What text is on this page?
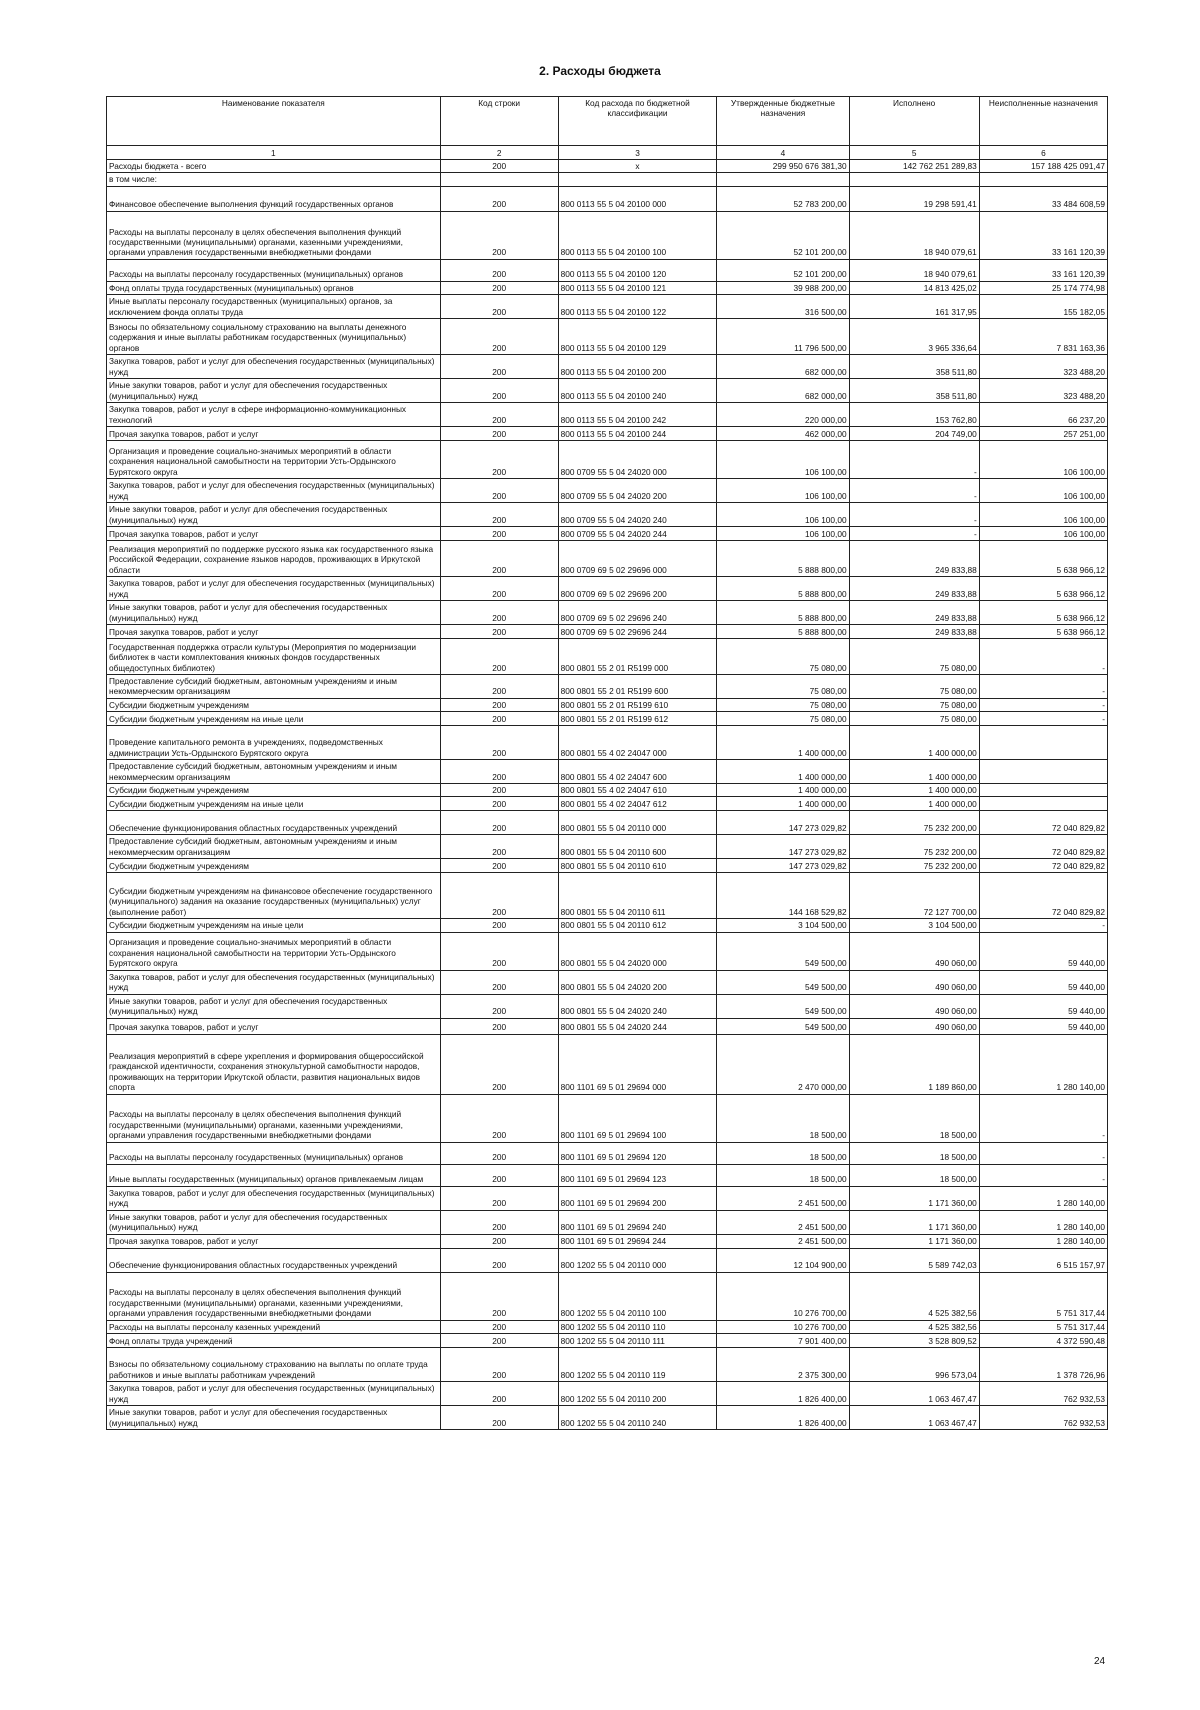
2. Расходы бюджета
Наименование показателя	Код строки	Код расхода по бюджетной классификации	Утвержденные бюджетные назначения	Исполнено	Неисполненные назначения
1	2	3	4	5	6
Расходы бюджета - всего	200	x	299 950 676 381,30	142 762 251 289,83	157 188 425 091,47
в том числе:					
Финансовое обеспечение выполнения функций государственных органов	200	800 0113 55 5 04 20100 000	52 783 200,00	19 298 591,41	33 484 608,59
Расходы на выплаты персоналу в целях обеспечения выполнения функций государственными (муниципальными) органами, казенными учреждениями, органами управления государственными внебюджетными фондами	200	800 0113 55 5 04 20100 100	52 101 200,00	18 940 079,61	33 161 120,39
Расходы на выплаты персоналу государственных (муниципальных) органов	200	800 0113 55 5 04 20100 120	52 101 200,00	18 940 079,61	33 161 120,39
Фонд оплаты труда государственных (муниципальных) органов	200	800 0113 55 5 04 20100 121	39 988 200,00	14 813 425,02	25 174 774,98
Иные выплаты персоналу государственных (муниципальных) органов, за исключением фонда оплаты труда	200	800 0113 55 5 04 20100 122	316 500,00	161 317,95	155 182,05
Взносы по обязательному социальному страхованию на выплаты денежного содержания и иные выплаты работникам государственных (муниципальных) органов	200	800 0113 55 5 04 20100 129	11 796 500,00	3 965 336,64	7 831 163,36
Закупка товаров, работ и услуг для обеспечения государственных (муниципальных) нужд	200	800 0113 55 5 04 20100 200	682 000,00	358 511,80	323 488,20
Иные закупки товаров, работ и услуг для обеспечения государственных (муниципальных) нужд	200	800 0113 55 5 04 20100 240	682 000,00	358 511,80	323 488,20
Закупка товаров, работ и услуг в сфере информационно-коммуникационных технологий	200	800 0113 55 5 04 20100 242	220 000,00	153 762,80	66 237,20
Прочая закупка товаров, работ и услуг	200	800 0113 55 5 04 20100 244	462 000,00	204 749,00	257 251,00
Организация и проведение социально-значимых мероприятий в области сохранения национальной самобытности на территории Усть-Ордынского Бурятского округа	200	800 0709 55 5 04 24020 000	106 100,00	-	106 100,00
Закупка товаров, работ и услуг для обеспечения государственных (муниципальных) нужд	200	800 0709 55 5 04 24020 200	106 100,00	-	106 100,00
Иные закупки товаров, работ и услуг для обеспечения государственных (муниципальных) нужд	200	800 0709 55 5 04 24020 240	106 100,00	-	106 100,00
Прочая закупка товаров, работ и услуг	200	800 0709 55 5 04 24020 244	106 100,00	-	106 100,00
Реализация мероприятий по поддержке русского языка как государственного языка Российской Федерации, сохранение языков народов, проживающих в Иркутской области	200	800 0709 69 5 02 29696 000	5 888 800,00	249 833,88	5 638 966,12
Закупка товаров, работ и услуг для обеспечения государственных (муниципальных) нужд	200	800 0709 69 5 02 29696 200	5 888 800,00	249 833,88	5 638 966,12
Иные закупки товаров, работ и услуг для обеспечения государственных (муниципальных) нужд	200	800 0709 69 5 02 29696 240	5 888 800,00	249 833,88	5 638 966,12
Прочая закупка товаров, работ и услуг	200	800 0709 69 5 02 29696 244	5 888 800,00	249 833,88	5 638 966,12
Государственная поддержка отрасли культуры (Мероприятия по модернизации библиотек в части комплектования книжных фондов государственных общедоступных библиотек)	200	800 0801 55 2 01 R5199 000	75 080,00	75 080,00	-
Предоставление субсидий бюджетным, автономным учреждениям и иным некоммерческим организациям	200	800 0801 55 2 01 R5199 600	75 080,00	75 080,00	-
Субсидии бюджетным учреждениям	200	800 0801 55 2 01 R5199 610	75 080,00	75 080,00	-
Субсидии бюджетным учреждениям на иные цели	200	800 0801 55 2 01 R5199 612	75 080,00	75 080,00	-
Проведение капитального ремонта в учреждениях, подведомственных администрации Усть-Ордынского Бурятского округа	200	800 0801 55 4 02 24047 000	1 400 000,00	1 400 000,00	
Предоставление субсидий бюджетным, автономным учреждениям и иным некоммерческим организациям	200	800 0801 55 4 02 24047 600	1 400 000,00	1 400 000,00	
Субсидии бюджетным учреждениям	200	800 0801 55 4 02 24047 610	1 400 000,00	1 400 000,00	
Субсидии бюджетным учреждениям на иные цели	200	800 0801 55 4 02 24047 612	1 400 000,00	1 400 000,00	
Обеспечение функционирования областных государственных учреждений	200	800 0801 55 5 04 20110 000	147 273 029,82	75 232 200,00	72 040 829,82
Предоставление субсидий бюджетным, автономным учреждениям и иным некоммерческим организациям	200	800 0801 55 5 04 20110 600	147 273 029,82	75 232 200,00	72 040 829,82
Субсидии бюджетным учреждениям	200	800 0801 55 5 04 20110 610	147 273 029,82	75 232 200,00	72 040 829,82
Субсидии бюджетным учреждениям на финансовое обеспечение государственного (муниципального) задания на оказание государственных (муниципальных) услуг (выполнение работ)	200	800 0801 55 5 04 20110 611	144 168 529,82	72 127 700,00	72 040 829,82
Субсидии бюджетным учреждениям на иные цели	200	800 0801 55 5 04 20110 612	3 104 500,00	3 104 500,00	-
Организация и проведение социально-значимых мероприятий в области сохранения национальной самобытности на территории Усть-Ордынского Бурятского округа	200	800 0801 55 5 04 24020 000	549 500,00	490 060,00	59 440,00
Закупка товаров, работ и услуг для обеспечения государственных (муниципальных) нужд	200	800 0801 55 5 04 24020 200	549 500,00	490 060,00	59 440,00
Иные закупки товаров, работ и услуг для обеспечения государственных (муниципальных) нужд	200	800 0801 55 5 04 24020 240	549 500,00	490 060,00	59 440,00
Прочая закупка товаров, работ и услуг	200	800 0801 55 5 04 24020 244	549 500,00	490 060,00	59 440,00
Реализация мероприятий в сфере укрепления и формирования общероссийской гражданской идентичности, сохранения этнокультурной самобытности народов, проживающих на территории Иркутской области, развития национальных видов спорта	200	800 1101 69 5 01 29694 000	2 470 000,00	1 189 860,00	1 280 140,00
Расходы на выплаты персоналу в целях обеспечения выполнения функций государственными (муниципальными) органами, казенными учреждениями, органами управления государственными внебюджетными фондами	200	800 1101 69 5 01 29694 100	18 500,00	18 500,00	-
Расходы на выплаты персоналу государственных (муниципальных) органов	200	800 1101 69 5 01 29694 120	18 500,00	18 500,00	-
Иные выплаты государственных (муниципальных) органов привлекаемым лицам	200	800 1101 69 5 01 29694 123	18 500,00	18 500,00	-
Закупка товаров, работ и услуг для обеспечения государственных (муниципальных) нужд	200	800 1101 69 5 01 29694 200	2 451 500,00	1 171 360,00	1 280 140,00
Иные закупки товаров, работ и услуг для обеспечения государственных (муниципальных) нужд	200	800 1101 69 5 01 29694 240	2 451 500,00	1 171 360,00	1 280 140,00
Прочая закупка товаров, работ и услуг	200	800 1101 69 5 01 29694 244	2 451 500,00	1 171 360,00	1 280 140,00
Обеспечение функционирования областных государственных учреждений	200	800 1202 55 5 04 20110 000	12 104 900,00	5 589 742,03	6 515 157,97
Расходы на выплаты персоналу в целях обеспечения выполнения функций государственными (муниципальными) органами, казенными учреждениями, органами управления государственными внебюджетными фондами	200	800 1202 55 5 04 20110 100	10 276 700,00	4 525 382,56	5 751 317,44
Расходы на выплаты персоналу казенных учреждений	200	800 1202 55 5 04 20110 110	10 276 700,00	4 525 382,56	5 751 317,44
Фонд оплаты труда учреждений	200	800 1202 55 5 04 20110 111	7 901 400,00	3 528 809,52	4 372 590,48
Взносы по обязательному социальному страхованию на выплаты по оплате труда работников и иные выплаты работникам учреждений	200	800 1202 55 5 04 20110 119	2 375 300,00	996 573,04	1 378 726,96
Закупка товаров, работ и услуг для обеспечения государственных (муниципальных) нужд	200	800 1202 55 5 04 20110 200	1 826 400,00	1 063 467,47	762 932,53
Иные закупки товаров, работ и услуг для обеспечения государственных (муниципальных) нужд	200	800 1202 55 5 04 20110 240	1 826 400,00	1 063 467,47	762 932,53
24
